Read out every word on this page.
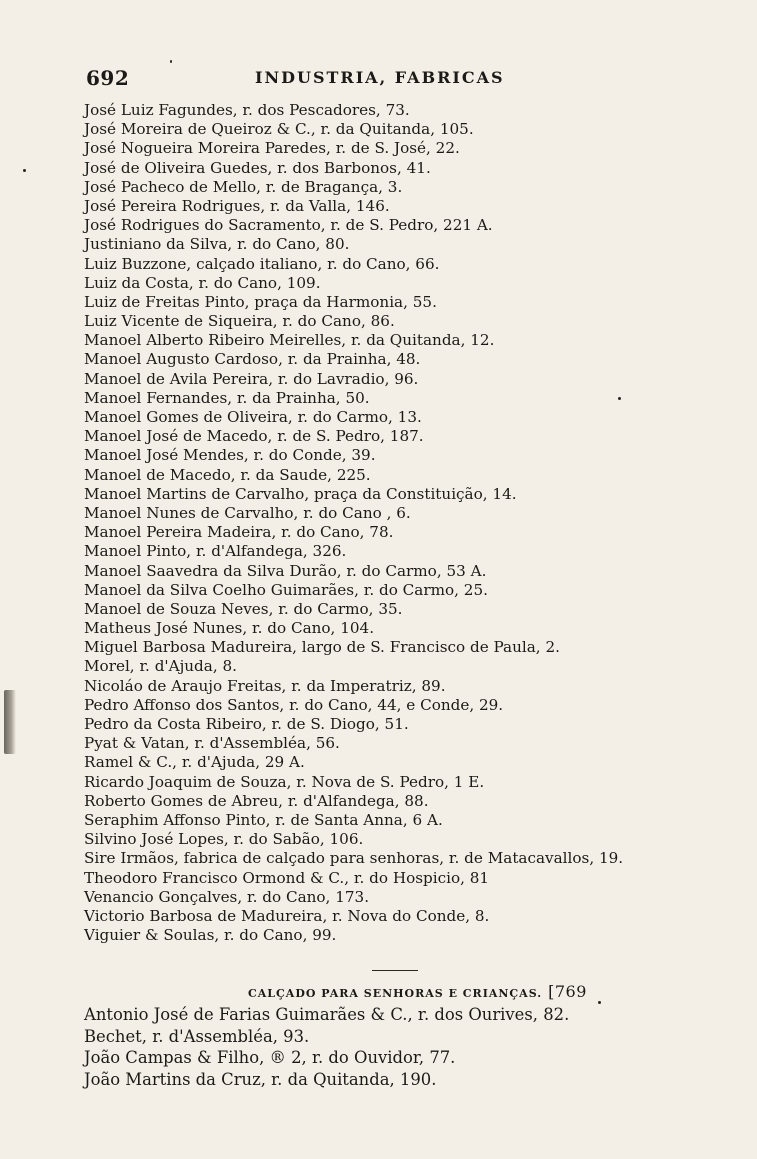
692	INDUSTRIA, FABRICAS
José Luiz Fagundes, r. dos Pescadores, 73.
José Moreira de Queiroz & C., r. da Quitanda, 105.
José Nogueira Moreira Paredes, r. de S. José, 22.
José de Oliveira Guedes, r. dos Barbonos, 41.
José Pacheco de Mello, r. de Bragança, 3.
José Pereira Rodrigues, r. da Valla, 146.
José Rodrigues do Sacramento, r. de S. Pedro, 221 A.
Justiniano da Silva, r. do Cano, 80.
Luiz Buzzone, calçado italiano, r. do Cano, 66.
Luiz da Costa, r. do Cano, 109.
Luiz de Freitas Pinto, praça da Harmonia, 55.
Luiz Vicente de Siqueira, r. do Cano, 86.
Manoel Alberto Ribeiro Meirelles, r. da Quitanda, 12.
Manoel Augusto Cardoso, r. da Prainha, 48.
Manoel de Avila Pereira, r. do Lavradio, 96.
Manoel Fernandes, r. da Prainha, 50.
Manoel Gomes de Oliveira, r. do Carmo, 13.
Manoel José de Macedo, r. de S. Pedro, 187.
Manoel José Mendes, r. do Conde, 39.
Manoel de Macedo, r. da Saude, 225.
Manoel Martins de Carvalho, praça da Constituição, 14.
Manoel Nunes de Carvalho, r. do Cano , 6.
Manoel Pereira Madeira, r. do Cano, 78.
Manoel Pinto, r. d'Alfandega, 326.
Manoel Saavedra da Silva Durão, r. do Carmo, 53 A.
Manoel da Silva Coelho Guimarães, r. do Carmo, 25.
Manoel de Souza Neves, r. do Carmo, 35.
Matheus José Nunes, r. do Cano, 104.
Miguel Barbosa Madureira, largo de S. Francisco de Paula, 2.
Morel, r. d'Ajuda, 8.
Nicoláo de Araujo Freitas, r. da Imperatriz, 89.
Pedro Affonso dos Santos, r. do Cano, 44, e Conde, 29.
Pedro da Costa Ribeiro, r. de S. Diogo, 51.
Pyat & Vatan, r. d'Assembléa, 56.
Ramel & C., r. d'Ajuda, 29 A.
Ricardo Joaquim de Souza, r. Nova de S. Pedro, 1 E.
Roberto Gomes de Abreu, r. d'Alfandega, 88.
Seraphim Affonso Pinto, r. de Santa Anna, 6 A.
Silvino José Lopes, r. do Sabão, 106.
Sire Irmãos, fabrica de calçado para senhoras, r. de Matacavallos, 19.
Theodoro Francisco Ormond & C., r. do Hospicio, 81
Venancio Gonçalves, r. do Cano, 173.
Victorio Barbosa de Madureira, r. Nova do Conde, 8.
Viguier & Soulas, r. do Cano, 99.
CALÇADO PARA SENHORAS E CRIANÇAS. [769
Antonio José de Farias Guimarães & C., r. dos Ourives, 82.
Bechet, r. d'Assembléa, 93.
João Campas & Filho, ® 2, r. do Ouvidor, 77.
João Martins da Cruz, r. da Quitanda, 190.
